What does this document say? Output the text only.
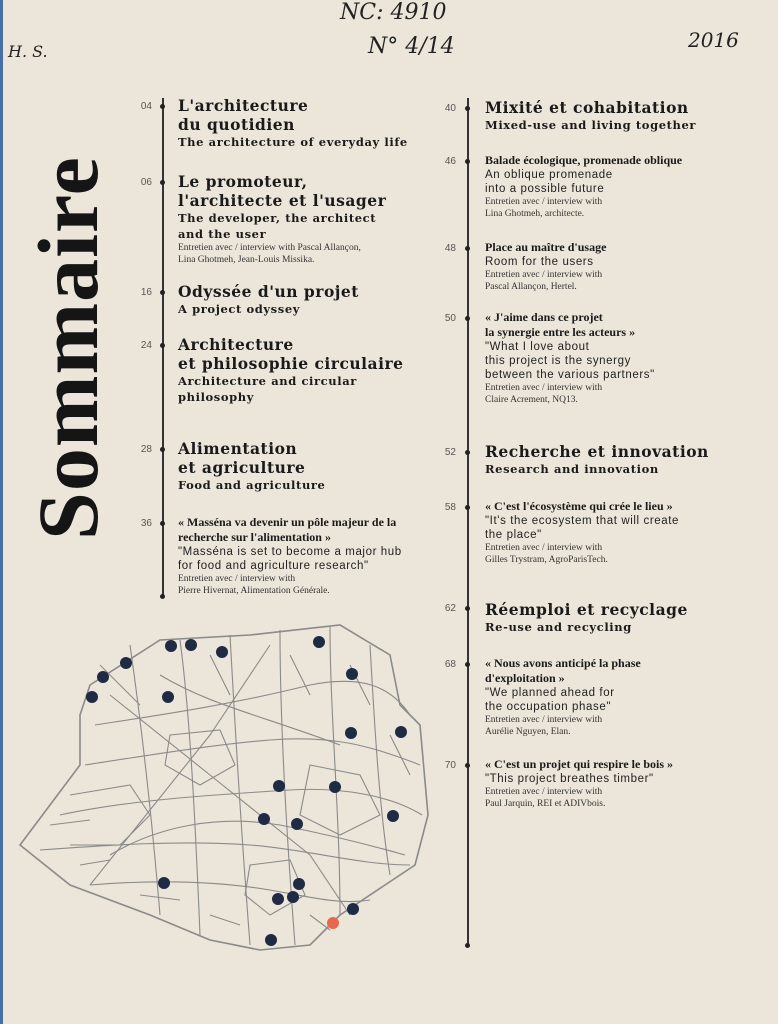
NC: 4910
N° 4/14	2016
H. S.
Sommaire
04 L'architecture
du quotidien
The architecture of everyday life
06 Le promoteur,
l'architecte et l'usager
The developer, the architect
and the user
Entretien avec / interview with Pascal Allançon,
Lina Ghotmeh, Jean-Louis Missika.
16 Odyssée d'un projet
A project odyssey
24 Architecture
et philosophie circulaire
Architecture and circular
philosophy
28 Alimentation
et agriculture
Food and agriculture
36 « Masséna va devenir un pôle majeur de la
recherche sur l'alimentation »
"Masséna is set to become a major hub
for food and agriculture research"
Entretien avec / interview with
Pierre Hivernat, Alimentation Générale.
40 Mixité et cohabitation
Mixed-use and living together
46 Balade écologique, promenade oblique
An oblique promenade
into a possible future
Entretien avec / interview with
Lina Ghotmeh, architecte.
48 Place au maître d'usage
Room for the users
Entretien avec / interview with
Pascal Allançon, Hertel.
50 « J'aime dans ce projet
la synergie entre les acteurs »
"What I love about
this project is the synergy
between the various partners"
Entretien avec / interview with
Claire Acrement, NQ13.
52 Recherche et innovation
Research and innovation
58 « C'est l'écosystème qui crée le lieu »
"It's the ecosystem that will create
the place"
Entretien avec / interview with
Gilles Trystram, AgroParisTech.
62 Réemploi et recyclage
Re-use and recycling
68 « Nous avons anticipé la phase
d'exploitation »
"We planned ahead for
the occupation phase"
Entretien avec / interview with
Aurélie Nguyen, Elan.
70 « C'est un projet qui respire le bois »
"This project breathes timber"
Entretien avec / interview with
Paul Jarquin, REI et ADIVbois.
